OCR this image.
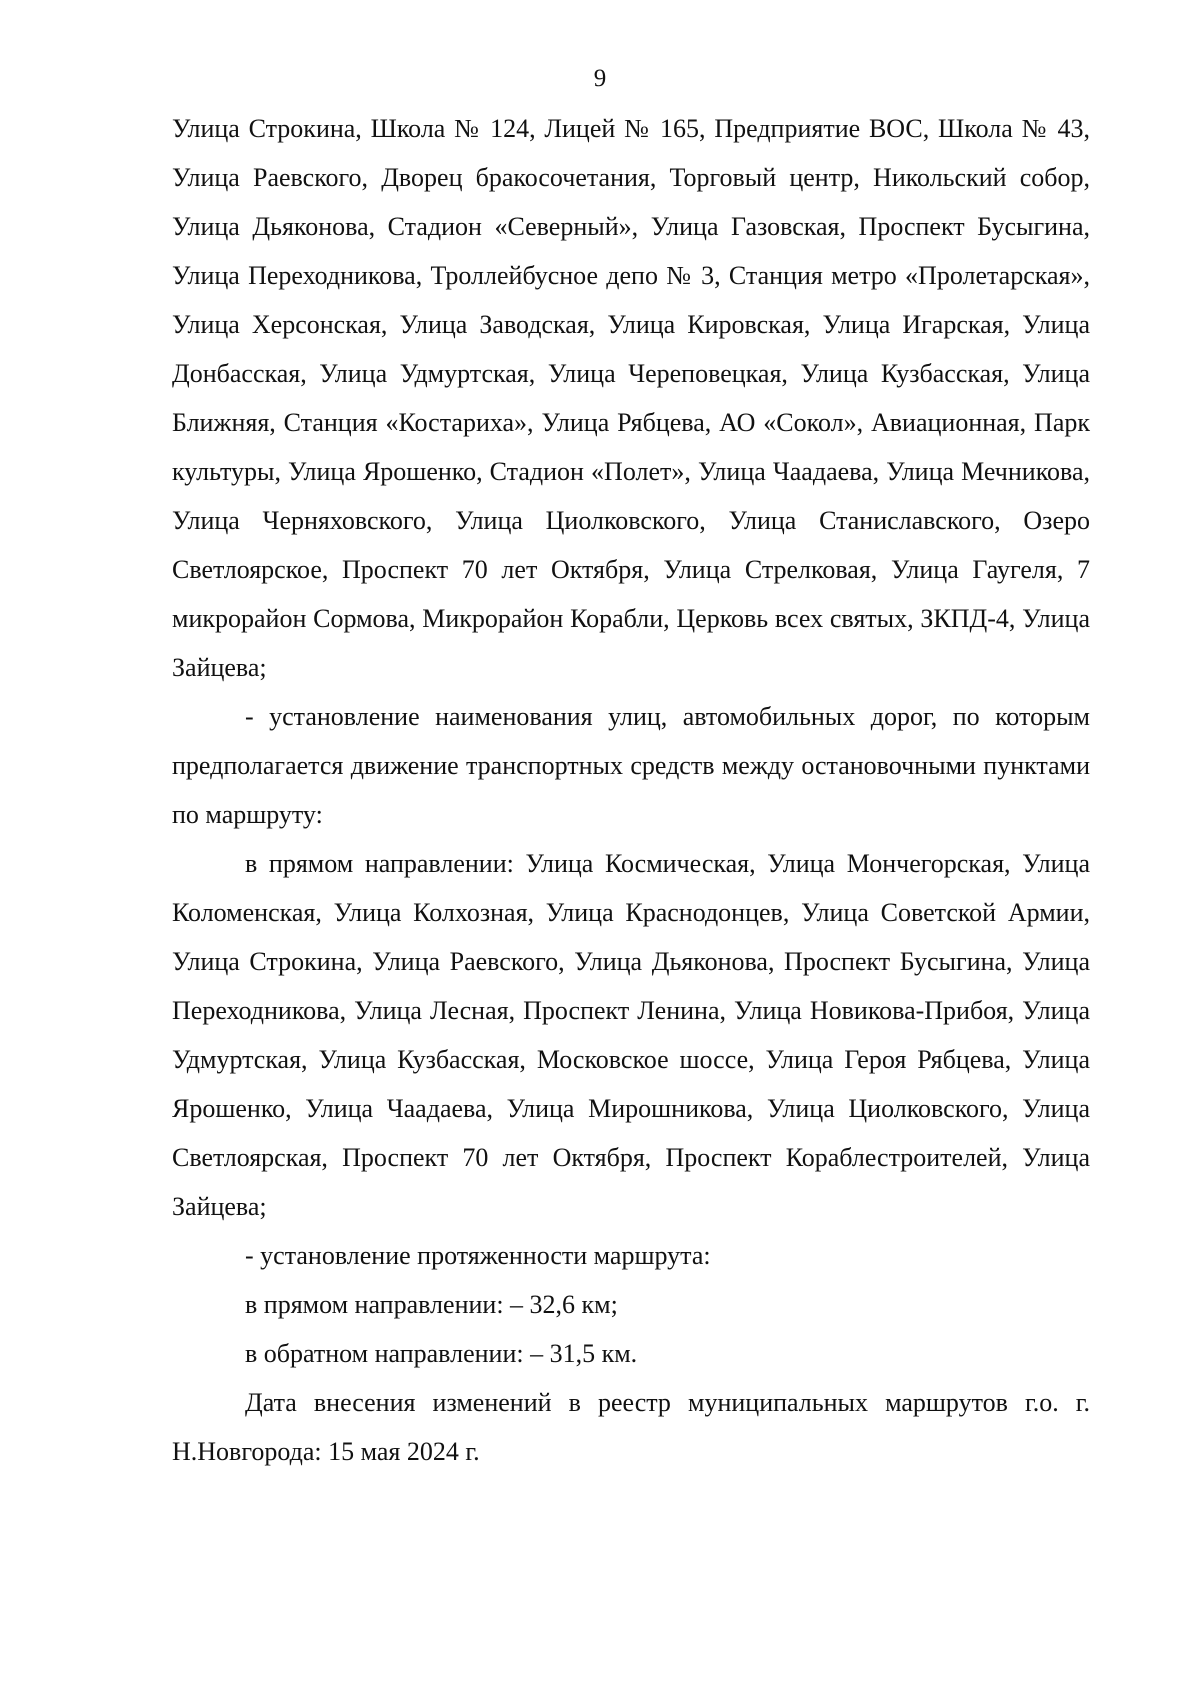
9

Улица Строкина, Школа № 124, Лицей № 165, Предприятие ВОС, Школа № 43, Улица Раевского, Дворец бракосочетания, Торговый центр, Никольский собор, Улица Дьяконова, Стадион «Северный», Улица Газовская, Проспект Бусыгина, Улица Переходникова, Троллейбусное депо № 3, Станция метро «Пролетарская», Улица Херсонская, Улица Заводская, Улица Кировская, Улица Игарская, Улица Донбасская, Улица Удмуртская, Улица Череповецкая, Улица Кузбасская, Улица Ближняя, Станция «Костариха», Улица Рябцева, АО «Сокол», Авиационная, Парк культуры, Улица Ярошенко, Стадион «Полет», Улица Чаадаева, Улица Мечникова, Улица Черняховского, Улица Циолковского, Улица Станиславского, Озеро Светлоярское, Проспект 70 лет Октября, Улица Стрелковая, Улица Гаугеля, 7 микрорайон Сормова, Микрорайон Корабли, Церковь всех святых, ЗКПД-4, Улица Зайцева;

- установление наименования улиц, автомобильных дорог, по которым предполагается движение транспортных средств между остановочными пунктами по маршруту:

в прямом направлении: Улица Космическая, Улица Мончегорская, Улица Коломенская, Улица Колхозная, Улица Краснодонцев, Улица Советской Армии, Улица Строкина, Улица Раевского, Улица Дьяконова, Проспект Бусыгина, Улица Переходникова, Улица Лесная, Проспект Ленина, Улица Новикова-Прибоя, Улица Удмуртская, Улица Кузбасская, Московское шоссе, Улица Героя Рябцева, Улица Ярошенко, Улица Чаадаева, Улица Мирошникова, Улица Циолковского, Улица Светлоярская, Проспект 70 лет Октября, Проспект Кораблестроителей, Улица Зайцева;

- установление протяженности маршрута:

в прямом направлении: – 32,6 км;

в обратном направлении: – 31,5 км.

Дата внесения изменений в реестр муниципальных маршрутов г.о. г. Н.Новгорода: 15 мая 2024 г.
